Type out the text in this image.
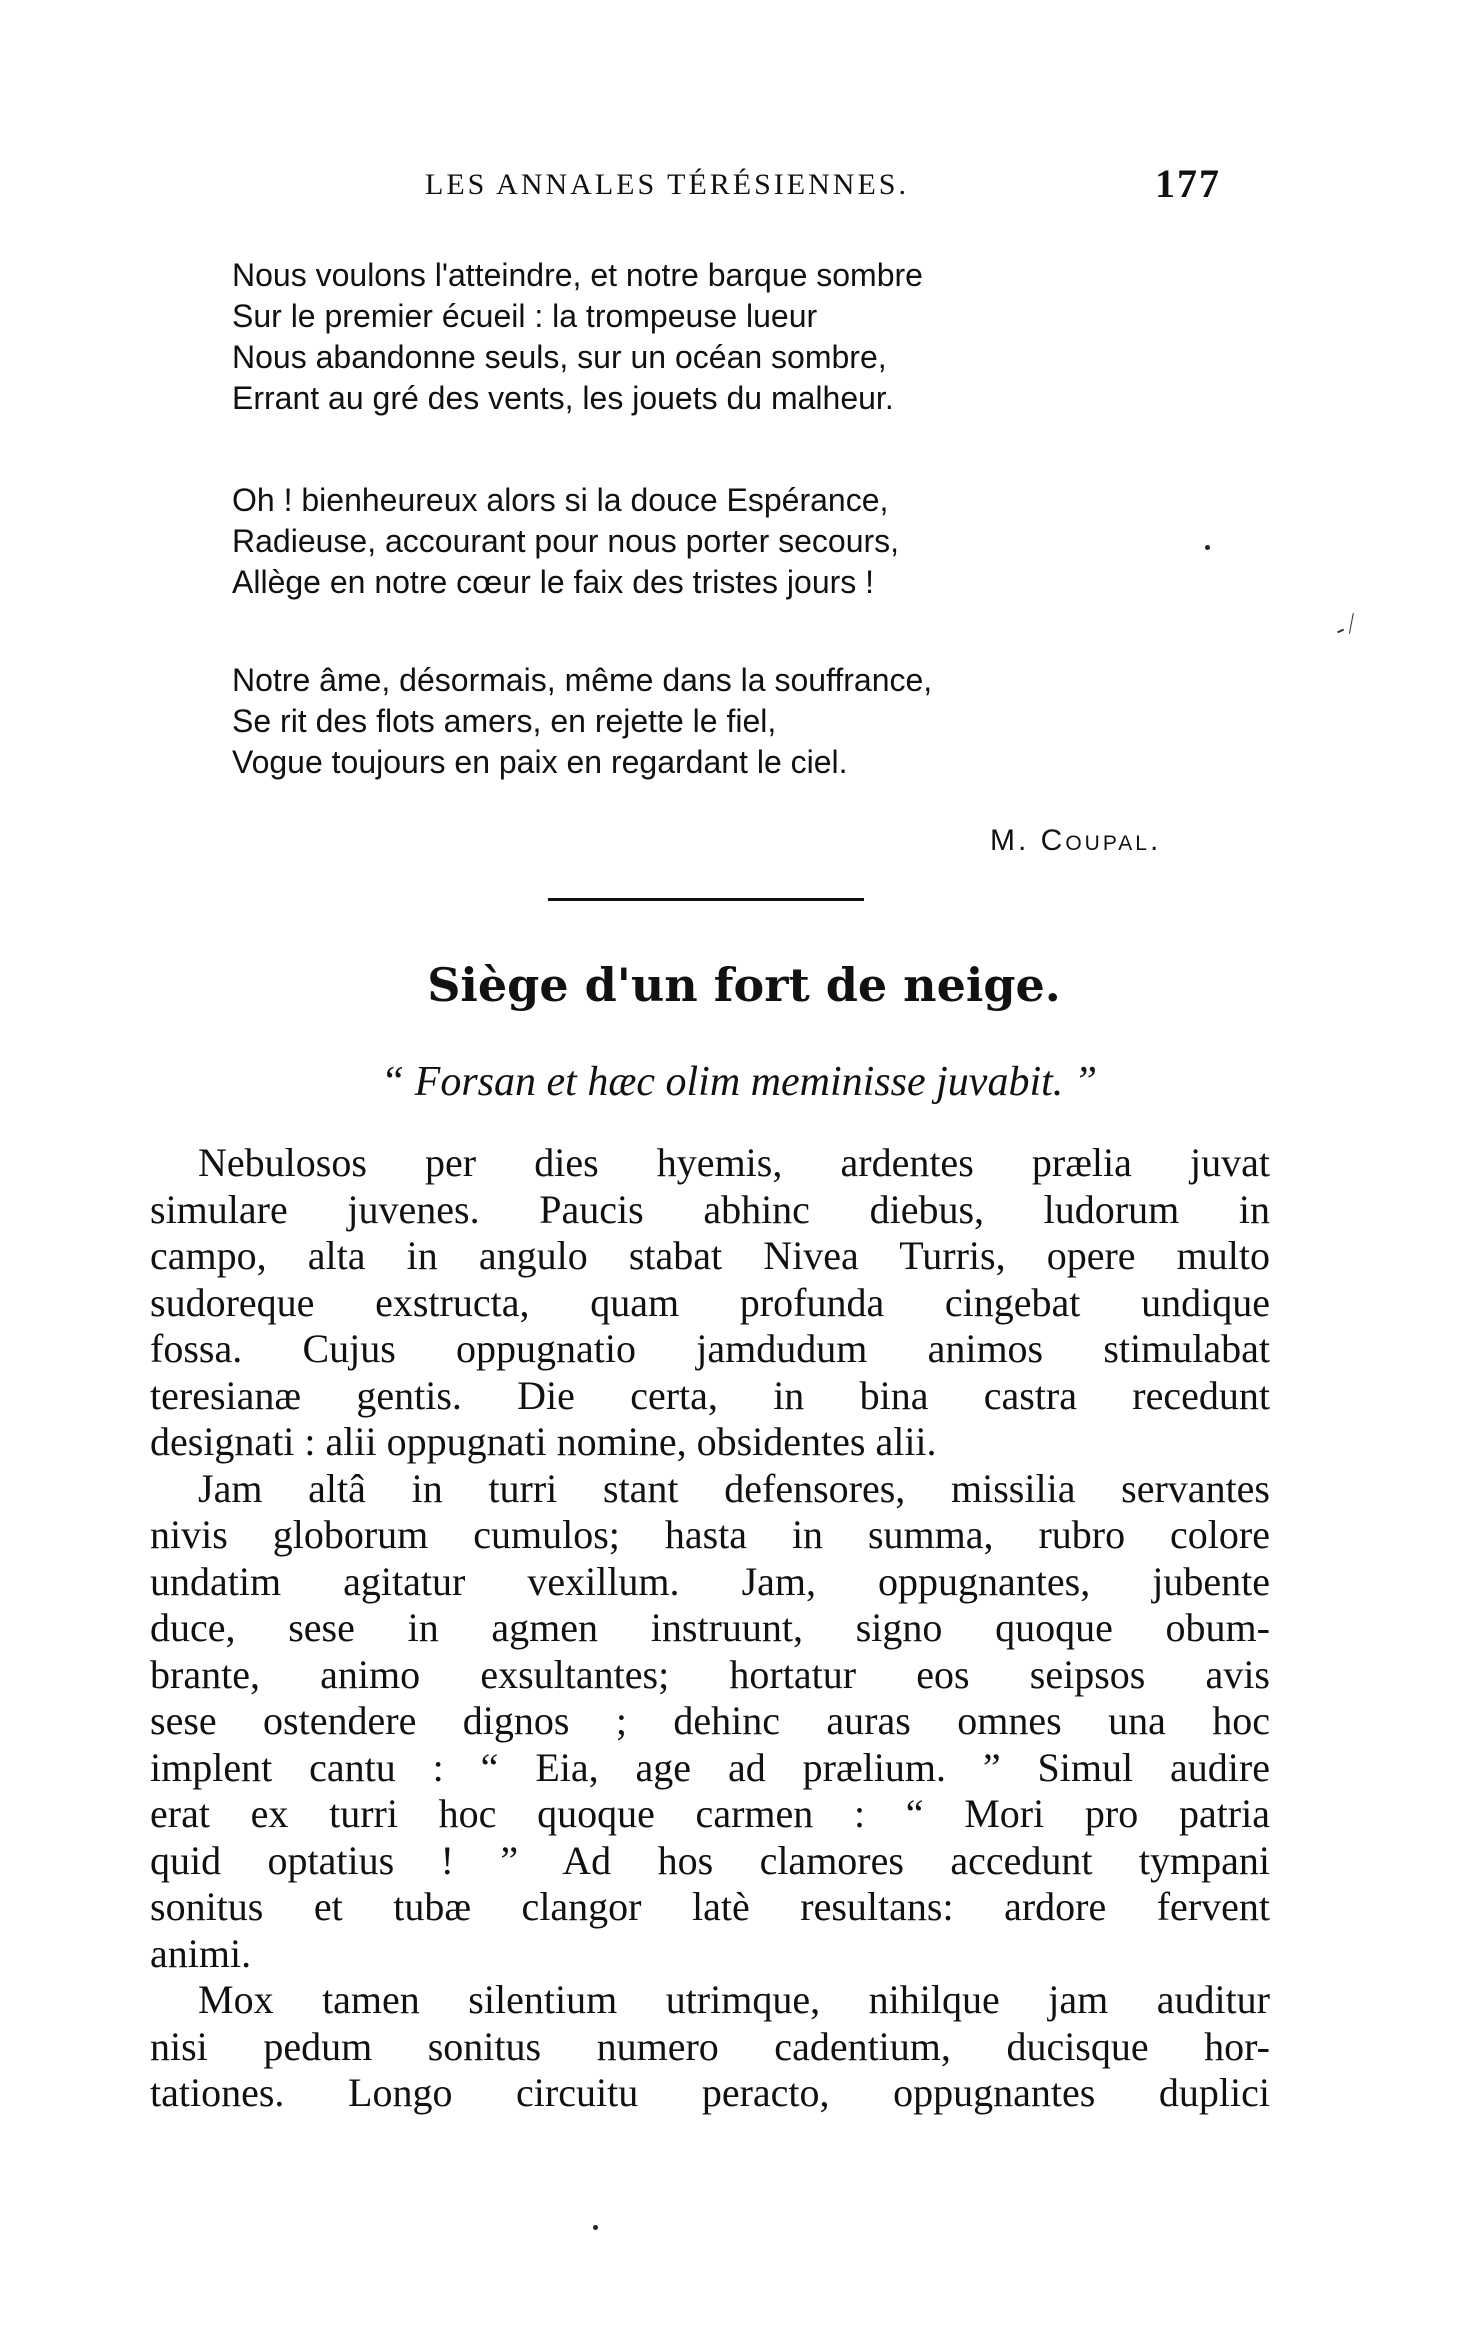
LES ANNALES TÉRÉSIENNES.	177
Nous voulons l'atteindre, et notre barque sombre
Sur le premier écueil : la trompeuse lueur
Nous abandonne seuls, sur un océan sombre,
Errant au gré des vents, les jouets du malheur.
Oh ! bienheureux alors si la douce Espérance,
Radieuse, accourant pour nous porter secours,
Allège en notre cœur le faix des tristes jours !
- ⁄
Notre âme, désormais, même dans la souffrance,
Se rit des flots amers, en rejette le fiel,
Vogue toujours en paix en regardant le ciel.
M. Coupal.
Siège d'un fort de neige.
“ Forsan et hæc olim meminisse juvabit. ”
Nebulosos per dies hyemis, ardentes prælia juvat
simulare juvenes. Paucis abhinc diebus, ludorum in
campo, alta in angulo stabat Nivea Turris, opere multo
sudoreque exstructa, quam profunda cingebat undique
fossa. Cujus oppugnatio jamdudum animos stimulabat
teresianæ gentis. Die certa, in bina castra recedunt
designati : alii oppugnati nomine, obsidentes alii.
Jam altâ in turri stant defensores, missilia servantes
nivis globorum cumulos; hasta in summa, rubro colore
undatim agitatur vexillum. Jam, oppugnantes, jubente
duce, sese in agmen instruunt, signo quoque obum-
brante, animo exsultantes; hortatur eos seipsos avis
sese ostendere dignos ; dehinc auras omnes una hoc
implent cantu : “ Eia, age ad prælium. ” Simul audire
erat ex turri hoc quoque carmen : “ Mori pro patria
quid optatius ! ” Ad hos clamores accedunt tympani
sonitus et tubæ clangor latè resultans: ardore fervent
animi.
Mox tamen silentium utrimque, nihilque jam auditur
nisi pedum sonitus numero cadentium, ducisque hor-
tationes. Longo circuitu peracto, oppugnantes duplici
